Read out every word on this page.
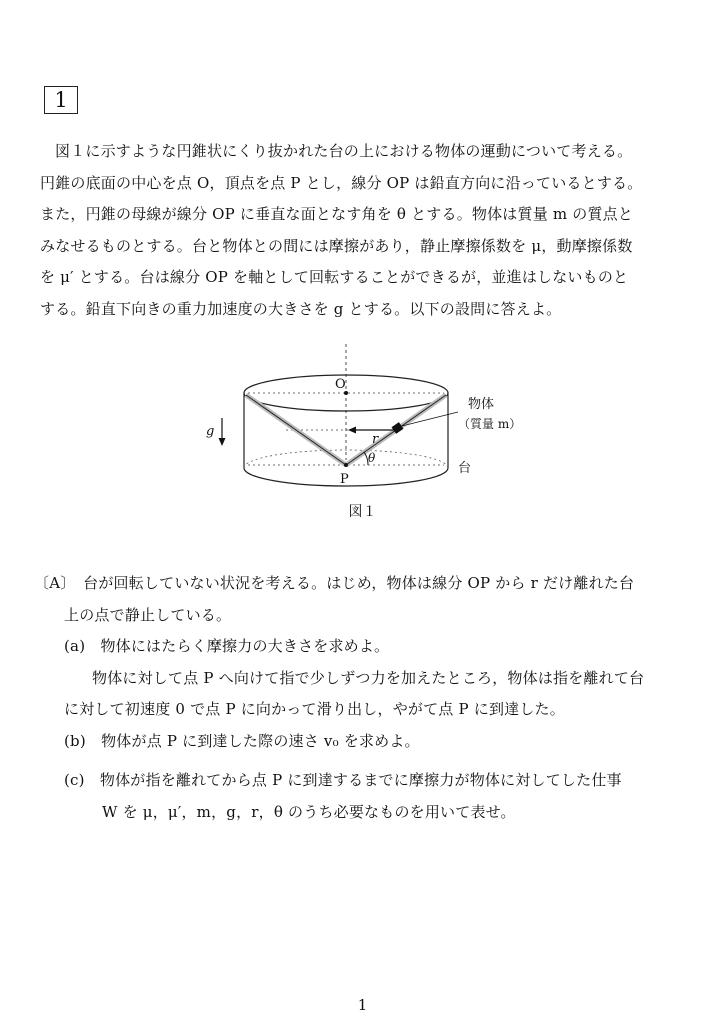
1
図１に示すような円錐状にくり抜かれた台の上における物体の運動について考える。
円錐の底面の中心を点 O，頂点を点 P とし，線分 OP は鉛直方向に沿っているとする。
また，円錐の母線が線分 OP に垂直な面となす角を θ とする。物体は質量 m の質点と
みなせるものとする。台と物体との間には摩擦があり，静止摩擦係数を μ，動摩擦係数
を μ′ とする。台は線分 OP を軸として回転することができるが，並進はしないものと
する。鉛直下向きの重力加速度の大きさを g とする。以下の設問に答えよ。
O
P
r
θ
g
物体
（質量 m）
台
図１
〔A〕　台が回転していない状況を考える。はじめ，物体は線分 OP から r だけ離れた台
上の点で静止している。
(a)　物体にはたらく摩擦力の大きさを求めよ。
物体に対して点 P へ向けて指で少しずつ力を加えたところ，物体は指を離れて台
に対して初速度 0 で点 P に向かって滑り出し，やがて点 P に到達した。
(b)　物体が点 P に到達した際の速さ v₀ を求めよ。
(c)　物体が指を離れてから点 P に到達するまでに摩擦力が物体に対してした仕事
W を μ，μ′，m，g，r，θ のうち必要なものを用いて表せ。
1
